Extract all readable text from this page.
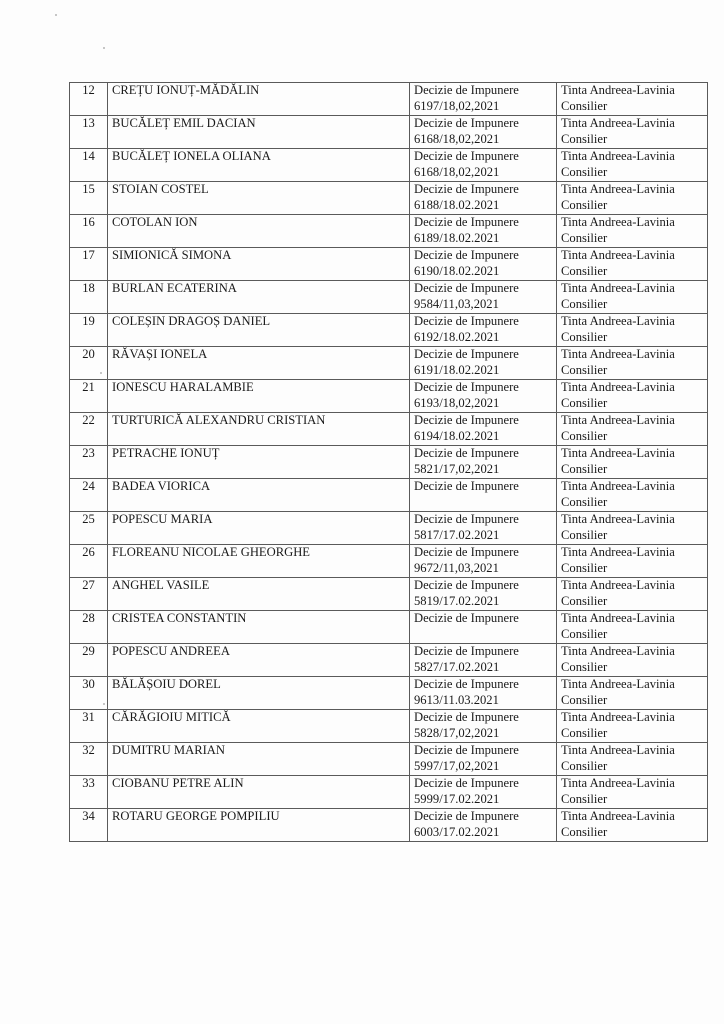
12	CREȚU IONUȚ-MĂDĂLIN	Decizie de Impunere
6197/18,02,2021	Tinta Andreea-Lavinia
Consilier

13	BUCĂLEȚ EMIL DACIAN	Decizie de Impunere
6168/18,02,2021	Tinta Andreea-Lavinia
Consilier

14	BUCĂLEȚ IONELA OLIANA	Decizie de Impunere
6168/18,02,2021	Tinta Andreea-Lavinia
Consilier

15	STOIAN COSTEL	Decizie de Impunere
6188/18.02.2021	Tinta Andreea-Lavinia
Consilier

16	COTOLAN ION	Decizie de Impunere
6189/18.02.2021	Tinta Andreea-Lavinia
Consilier

17	SIMIONICĂ SIMONA	Decizie de Impunere
6190/18.02.2021	Tinta Andreea-Lavinia
Consilier

18	BURLAN ECATERINA	Decizie de Impunere
9584/11,03,2021	Tinta Andreea-Lavinia
Consilier

19	COLEȘIN DRAGOȘ DANIEL	Decizie de Impunere
6192/18.02.2021	Tinta Andreea-Lavinia
Consilier

20	RĂVAȘI IONELA	Decizie de Impunere
6191/18.02.2021	Tinta Andreea-Lavinia
Consilier

21	IONESCU HARALAMBIE	Decizie de Impunere
6193/18,02,2021	Tinta Andreea-Lavinia
Consilier

22	TURTURICĂ ALEXANDRU CRISTIAN	Decizie de Impunere
6194/18.02.2021	Tinta Andreea-Lavinia
Consilier

23	PETRACHE IONUȚ	Decizie de Impunere
5821/17,02,2021	Tinta Andreea-Lavinia
Consilier

24	BADEA VIORICA	Decizie de Impunere	Tinta Andreea-Lavinia
Consilier

25	POPESCU MARIA	Decizie de Impunere
5817/17.02.2021	Tinta Andreea-Lavinia
Consilier

26	FLOREANU NICOLAE GHEORGHE	Decizie de Impunere
9672/11,03,2021	Tinta Andreea-Lavinia
Consilier

27	ANGHEL VASILE	Decizie de Impunere
5819/17.02.2021	Tinta Andreea-Lavinia
Consilier

28	CRISTEA CONSTANTIN	Decizie de Impunere	Tinta Andreea-Lavinia
Consilier

29	POPESCU ANDREEA	Decizie de Impunere
5827/17.02.2021	Tinta Andreea-Lavinia
Consilier

30	BĂLĂȘOIU DOREL	Decizie de Impunere
9613/11.03.2021	Tinta Andreea-Lavinia
Consilier

31	CĂRĂGIOIU MITICĂ	Decizie de Impunere
5828/17,02,2021	Tinta Andreea-Lavinia
Consilier

32	DUMITRU MARIAN	Decizie de Impunere
5997/17,02,2021	Tinta Andreea-Lavinia
Consilier

33	CIOBANU PETRE ALIN	Decizie de Impunere
5999/17.02.2021	Tinta Andreea-Lavinia
Consilier

34	ROTARU GEORGE POMPILIU	Decizie de Impunere
6003/17.02.2021	Tinta Andreea-Lavinia
Consilier
